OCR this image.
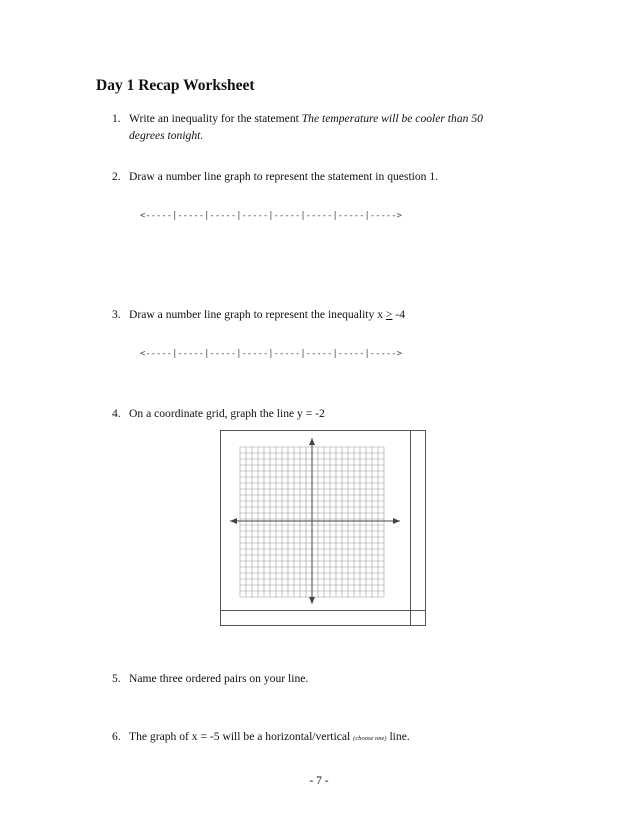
Day 1 Recap Worksheet
1. Write an inequality for the statement The temperature will be cooler than 50
degrees tonight.
2. Draw a number line graph to represent the statement in question 1.
<-----|-----|-----|-----|-----|-----|-----|----->
3. Draw a number line graph to represent the inequality x ≥ -4
<-----|-----|-----|-----|-----|-----|-----|----->
4. On a coordinate grid, graph the line y = -2
5. Name three ordered pairs on your line.
6. The graph of x = -5 will be a horizontal/vertical (choose one) line.
- 7 -
